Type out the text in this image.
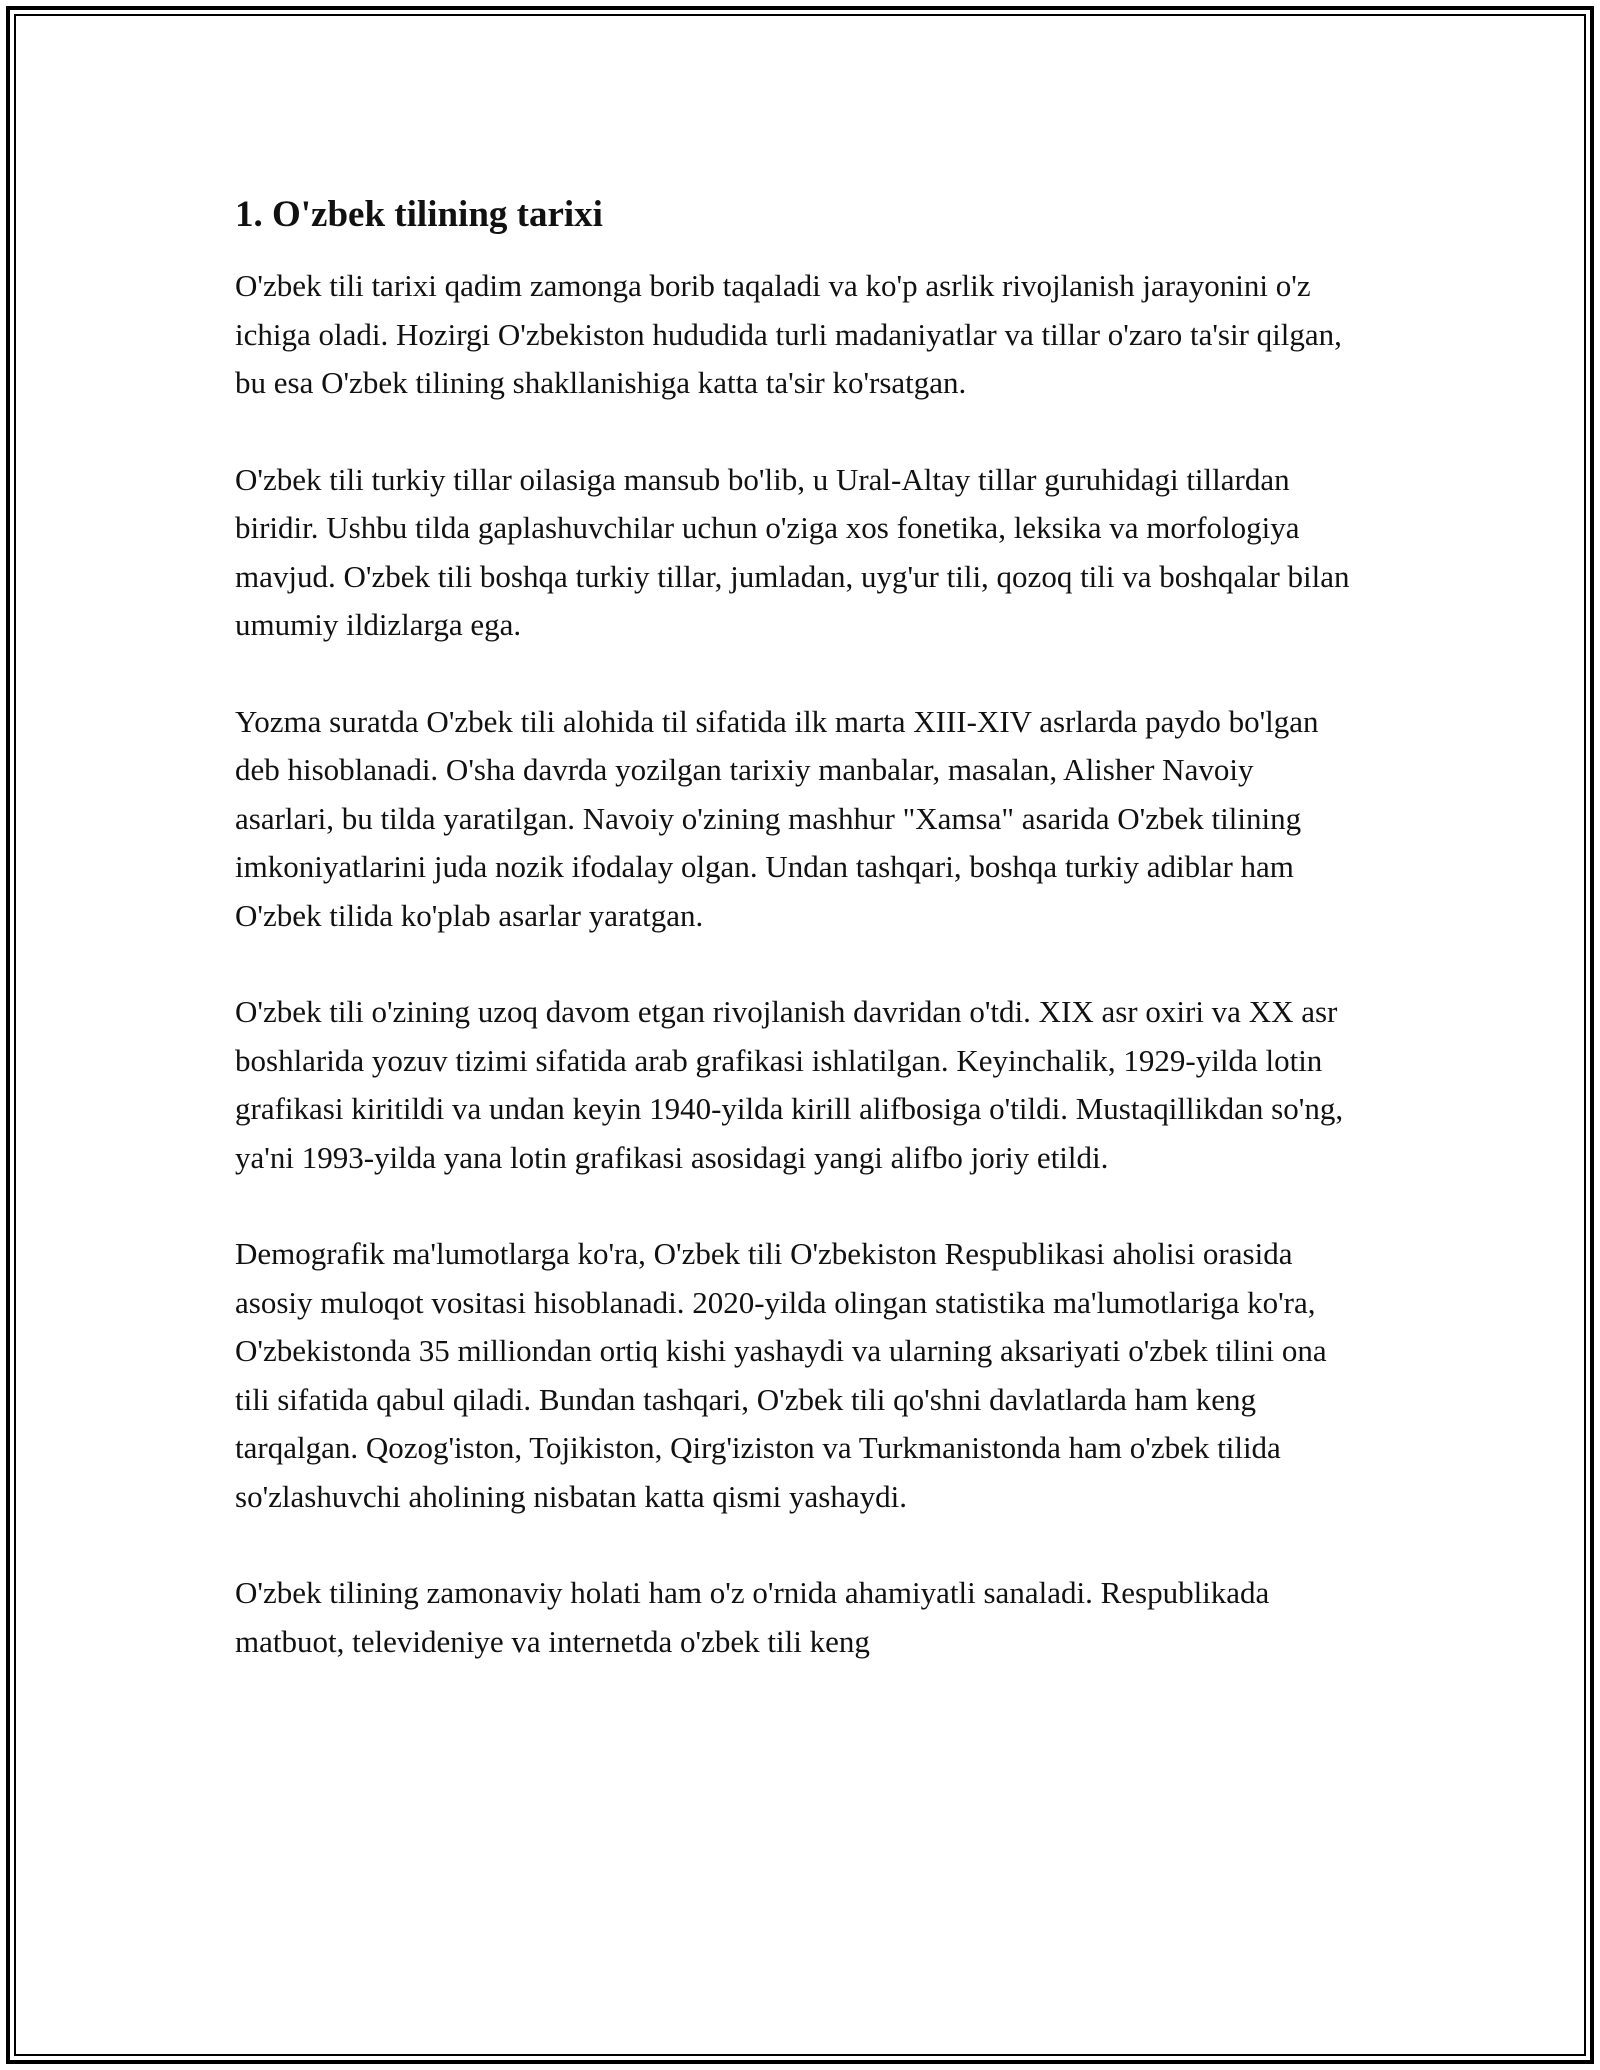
1. O'zbek tilining tarixi

O'zbek tili tarixi qadim zamonga borib taqaladi va ko'p asrlik rivojlanish jarayonini o'z ichiga oladi. Hozirgi O'zbekiston hududida turli madaniyatlar va tillar o'zaro ta'sir qilgan, bu esa O'zbek tilining shakllanishiga katta ta'sir ko'rsatgan.

O'zbek tili turkiy tillar oilasiga mansub bo'lib, u Ural-Altay tillar guruhidagi tillardan biridir. Ushbu tilda gaplashuvchilar uchun o'ziga xos fonetika, leksika va morfologiya mavjud. O'zbek tili boshqa turkiy tillar, jumladan, uyg'ur tili, qozoq tili va boshqalar bilan umumiy ildizlarga ega.

Yozma suratda O'zbek tili alohida til sifatida ilk marta XIII-XIV asrlarda paydo bo'lgan deb hisoblanadi. O'sha davrda yozilgan tarixiy manbalar, masalan, Alisher Navoiy asarlari, bu tilda yaratilgan. Navoiy o'zining mashhur "Xamsa" asarida O'zbek tilining imkoniyatlarini juda nozik ifodalay olgan. Undan tashqari, boshqa turkiy adiblar ham O'zbek tilida ko'plab asarlar yaratgan.

O'zbek tili o'zining uzoq davom etgan rivojlanish davridan o'tdi. XIX asr oxiri va XX asr boshlarida yozuv tizimi sifatida arab grafikasi ishlatilgan. Keyinchalik, 1929-yilda lotin grafikasi kiritildi va undan keyin 1940-yilda kirill alifbosiga o'tildi. Mustaqillikdan so'ng, ya'ni 1993-yilda yana lotin grafikasi asosidagi yangi alifbo joriy etildi.

Demografik ma'lumotlarga ko'ra, O'zbek tili O'zbekiston Respublikasi aholisi orasida asosiy muloqot vositasi hisoblanadi. 2020-yilda olingan statistika ma'lumotlariga ko'ra, O'zbekistonda 35 milliondan ortiq kishi yashaydi va ularning aksariyati o'zbek tilini ona tili sifatida qabul qiladi. Bundan tashqari, O'zbek tili qo'shni davlatlarda ham keng tarqalgan. Qozog'iston, Tojikiston, Qirg'iziston va Turkmanistonda ham o'zbek tilida so'zlashuvchi aholining nisbatan katta qismi yashaydi.

O'zbek tilining zamonaviy holati ham o'z o'rnida ahamiyatli sanaladi. Respublikada matbuot, televideniye va internetda o'zbek tili keng
